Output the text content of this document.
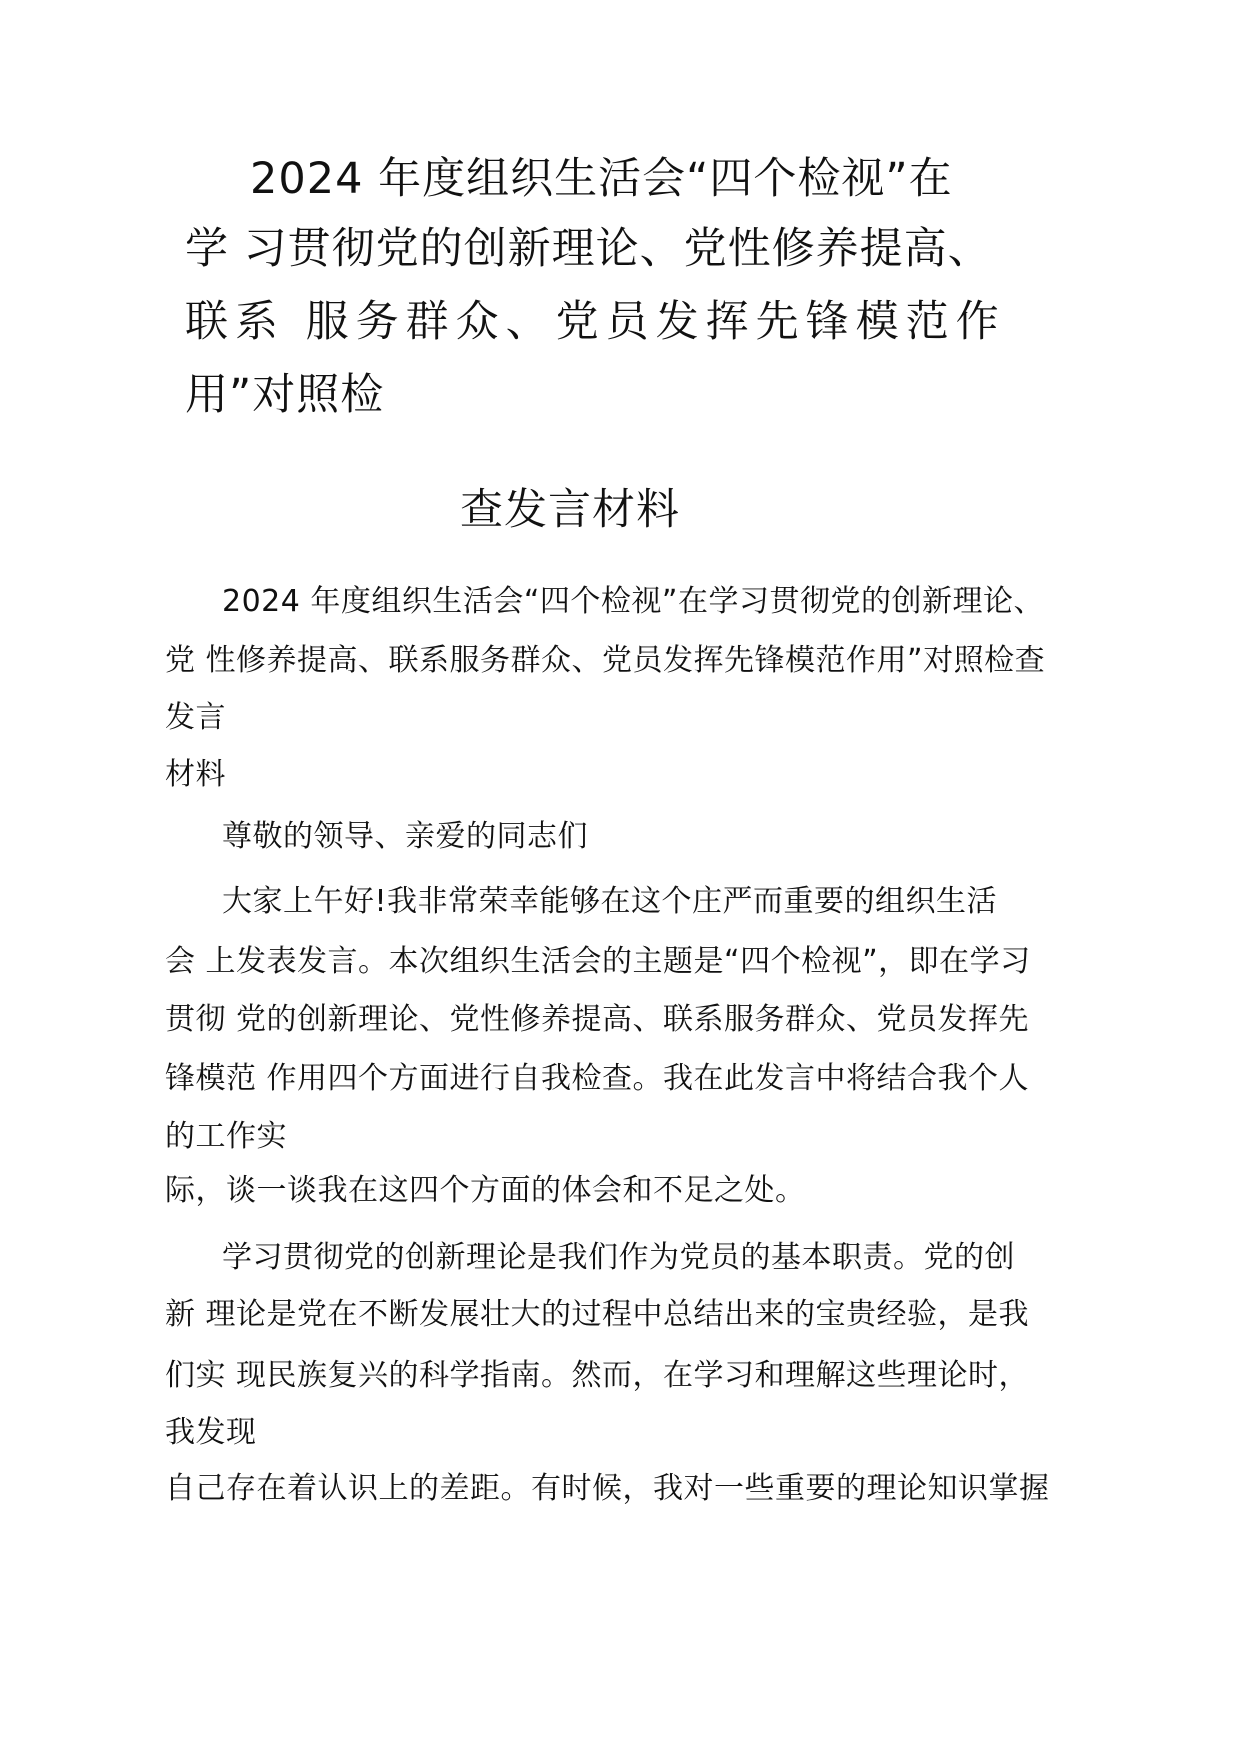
2024 年度组织生活会“四个检视”在
学 习贯彻党的创新理论、党性修养提高、
联系 服务群众、党员发挥先锋模范作
用”对照检
查发言材料
2024 年度组织生活会“四个检视”在学习贯彻党的创新理论、
党 性修养提高、联系服务群众、党员发挥先锋模范作用”对照检查
发言
材料
尊敬的领导、亲爱的同志们
大家上午好!我非常荣幸能够在这个庄严而重要的组织生活
会 上发表发言。本次组织生活会的主题是“四个检视”，即在学习
贯彻 党的创新理论、党性修养提高、联系服务群众、党员发挥先
锋模范 作用四个方面进行自我检查。我在此发言中将结合我个人
的工作实
际，谈一谈我在这四个方面的体会和不足之处。
学习贯彻党的创新理论是我们作为党员的基本职责。党的创
新 理论是党在不断发展壮大的过程中总结出来的宝贵经验，是我
们实 现民族复兴的科学指南。然而，在学习和理解这些理论时，
我发现
自己存在着认识上的差距。有时候，我对一些重要的理论知识掌握
